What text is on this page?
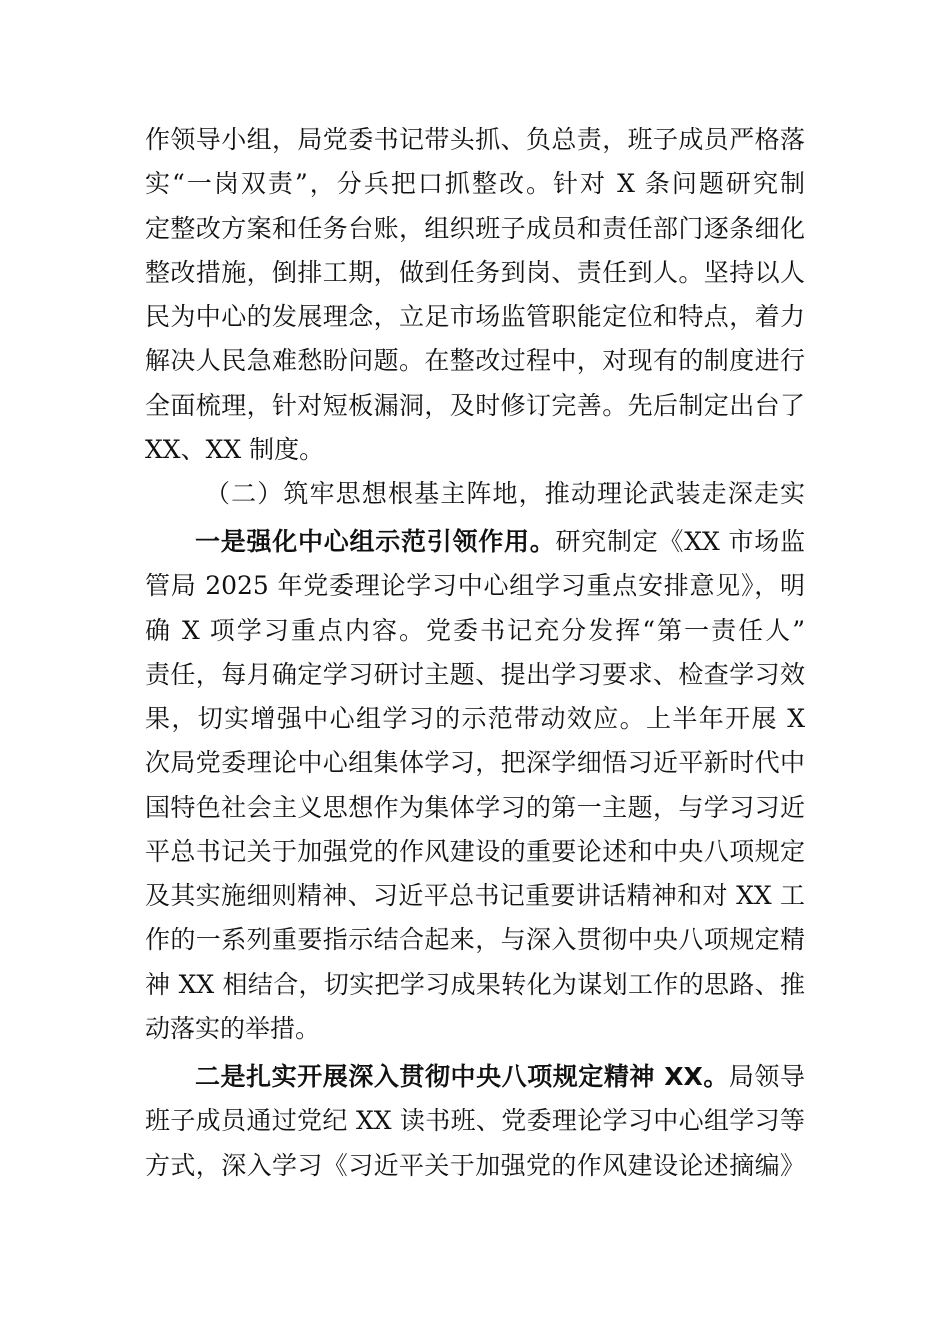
作领导小组，局党委书记带头抓、负总责，班子成员严格落
实“一岗双责”，分兵把口抓整改。针对 X 条问题研究制
定整改方案和任务台账，组织班子成员和责任部门逐条细化
整改措施，倒排工期，做到任务到岗、责任到人。坚持以人
民为中心的发展理念，立足市场监管职能定位和特点，着力
解决人民急难愁盼问题。在整改过程中，对现有的制度进行
全面梳理，针对短板漏洞，及时修订完善。先后制定出台了
XX、XX 制度。
（二）筑牢思想根基主阵地，推动理论武装走深走实
一是强化中心组示范引领作用。研究制定《XX 市场监
管局 2025 年党委理论学习中心组学习重点安排意见》，明
确 X 项学习重点内容。党委书记充分发挥“第一责任人”
责任，每月确定学习研讨主题、提出学习要求、检查学习效
果，切实增强中心组学习的示范带动效应。上半年开展 X
次局党委理论中心组集体学习，把深学细悟习近平新时代中
国特色社会主义思想作为集体学习的第一主题，与学习习近
平总书记关于加强党的作风建设的重要论述和中央八项规定
及其实施细则精神、习近平总书记重要讲话精神和对 XX 工
作的一系列重要指示结合起来，与深入贯彻中央八项规定精
神 XX 相结合，切实把学习成果转化为谋划工作的思路、推
动落实的举措。
二是扎实开展深入贯彻中央八项规定精神 XX。局领导
班子成员通过党纪 XX 读书班、党委理论学习中心组学习等
方式，深入学习《习近平关于加强党的作风建设论述摘编》
